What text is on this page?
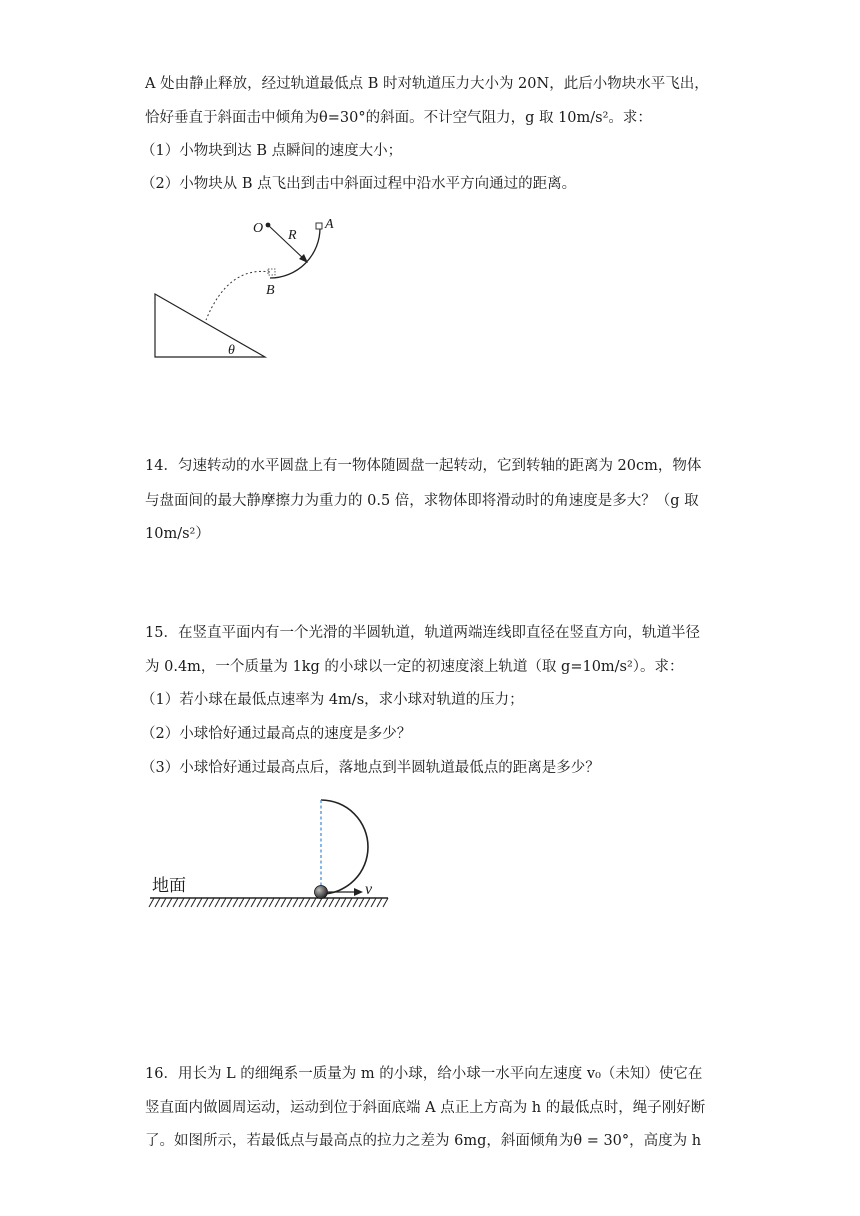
A 处由静止释放，经过轨道最低点 B 时对轨道压力大小为 20N，此后小物块水平飞出，
恰好垂直于斜面击中倾角为θ=30°的斜面。不计空气阻力，g 取 10m/s²。求：
（1）小物块到达 B 点瞬间的速度大小；
（2）小物块从 B 点飞出到击中斜面过程中沿水平方向通过的距离。
O R
A
B
θ
14．匀速转动的水平圆盘上有一物体随圆盘一起转动，它到转轴的距离为 20cm，物体
与盘面间的最大静摩擦力为重力的 0.5 倍，求物体即将滑动时的角速度是多大？（g 取
10m/s²）
15．在竖直平面内有一个光滑的半圆轨道，轨道两端连线即直径在竖直方向，轨道半径
为 0.4m，一个质量为 1kg 的小球以一定的初速度滚上轨道（取 g=10m/s²）。求：
（1）若小球在最低点速率为 4m/s，求小球对轨道的压力；
（2）小球恰好通过最高点的速度是多少？
（3）小球恰好通过最高点后，落地点到半圆轨道最低点的距离是多少？
v
地面
16．用长为 L 的细绳系一质量为 m 的小球，给小球一水平向左速度 v₀（未知）使它在
竖直面内做圆周运动，运动到位于斜面底端 A 点正上方高为 h 的最低点时，绳子刚好断
了。如图所示，若最低点与最高点的拉力之差为 6mg，斜面倾角为θ = 30°，高度为 h
